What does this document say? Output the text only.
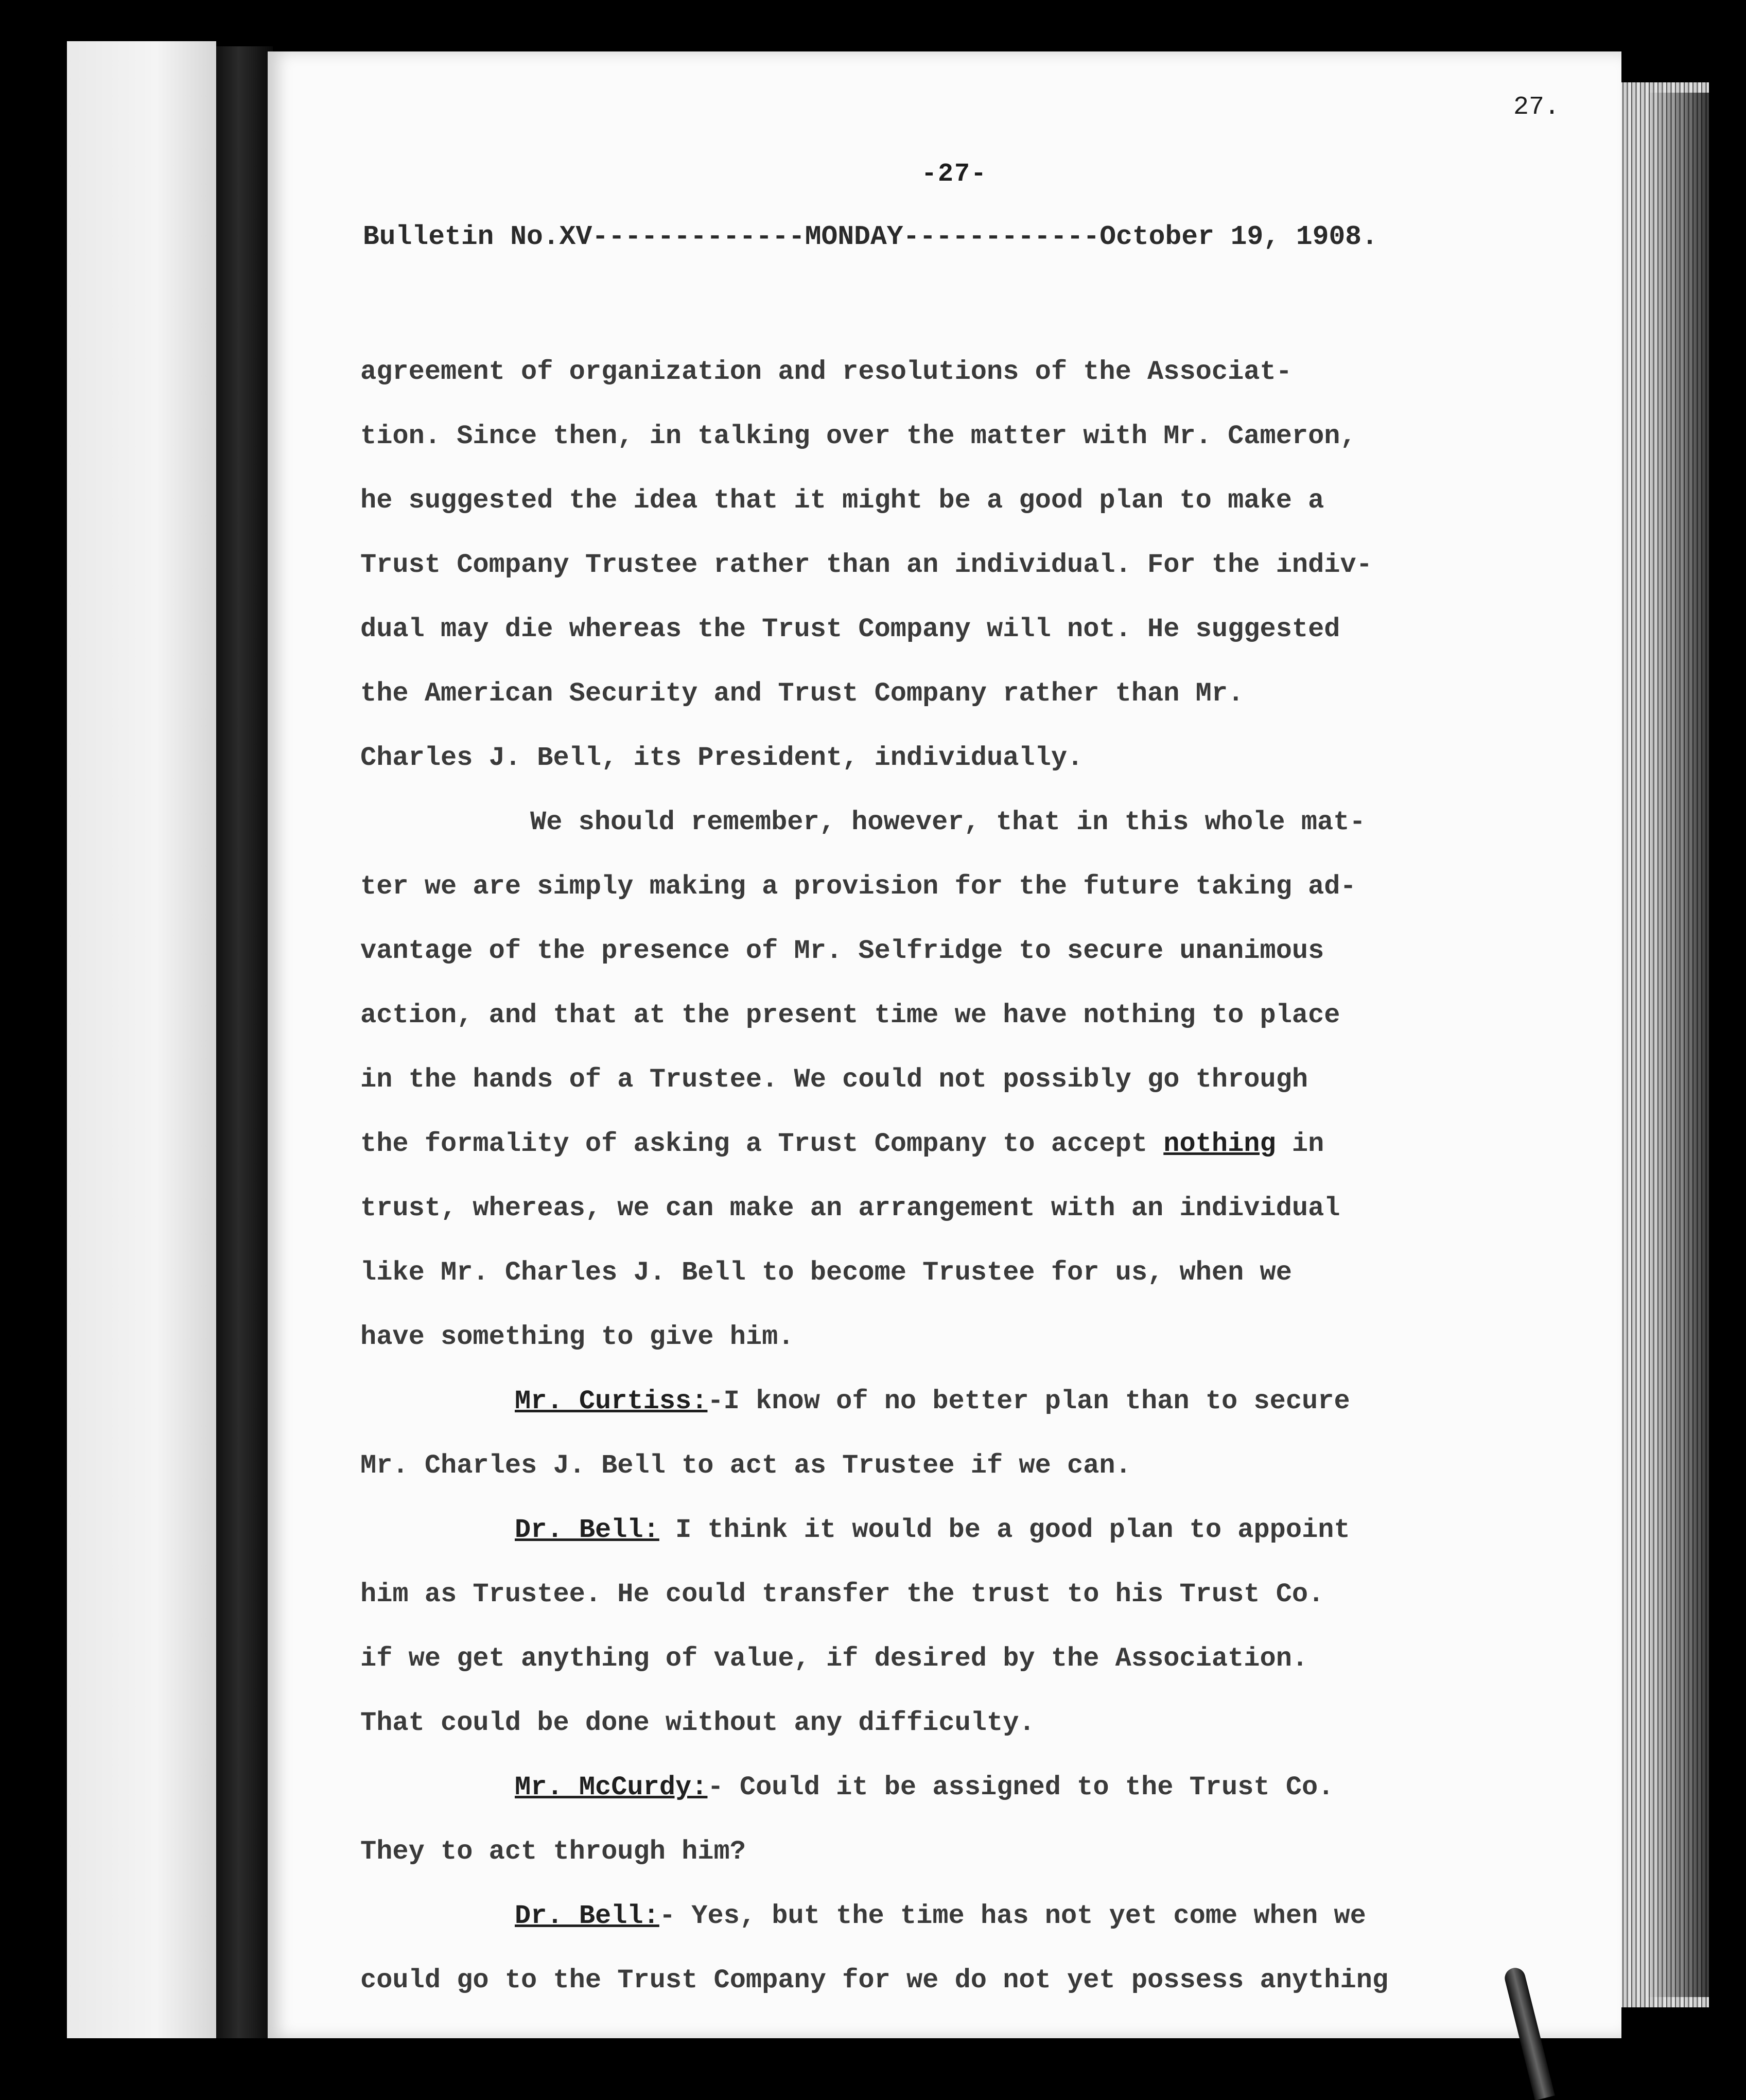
27.
-27-
Bulletin No.XV-------------MONDAY------------October 19, 1908.
agreement of organization and resolutions of the Associat-
tion. Since then, in talking over the matter with Mr. Cameron,
he suggested the idea that it might be a good plan to make a
Trust Company Trustee rather than an individual. For the indiv-
dual may die whereas the Trust Company will not. He suggested
the American Security and Trust Company rather than Mr.
Charles J. Bell, its President, individually.
We should remember, however, that in this whole mat-
ter we are simply making a provision for the future taking ad-
vantage of the presence of Mr. Selfridge to secure unanimous
action, and that at the present time we have nothing to place
in the hands of a Trustee. We could not possibly go through
the formality of asking a Trust Company to accept nothing in
trust, whereas, we can make an arrangement with an individual
like Mr. Charles J. Bell to become Trustee for us, when we
have something to give him.
Mr. Curtiss:-I know of no better plan than to secure
Mr. Charles J. Bell to act as Trustee if we can.
Dr. Bell: I think it would be a good plan to appoint
him as Trustee. He could transfer the trust to his Trust Co.
if we get anything of value, if desired by the Association.
That could be done without any difficulty.
Mr. McCurdy:- Could it be assigned to the Trust Co.
They to act through him?
Dr. Bell:- Yes, but the time has not yet come when we
could go to the Trust Company for we do not yet possess anything
